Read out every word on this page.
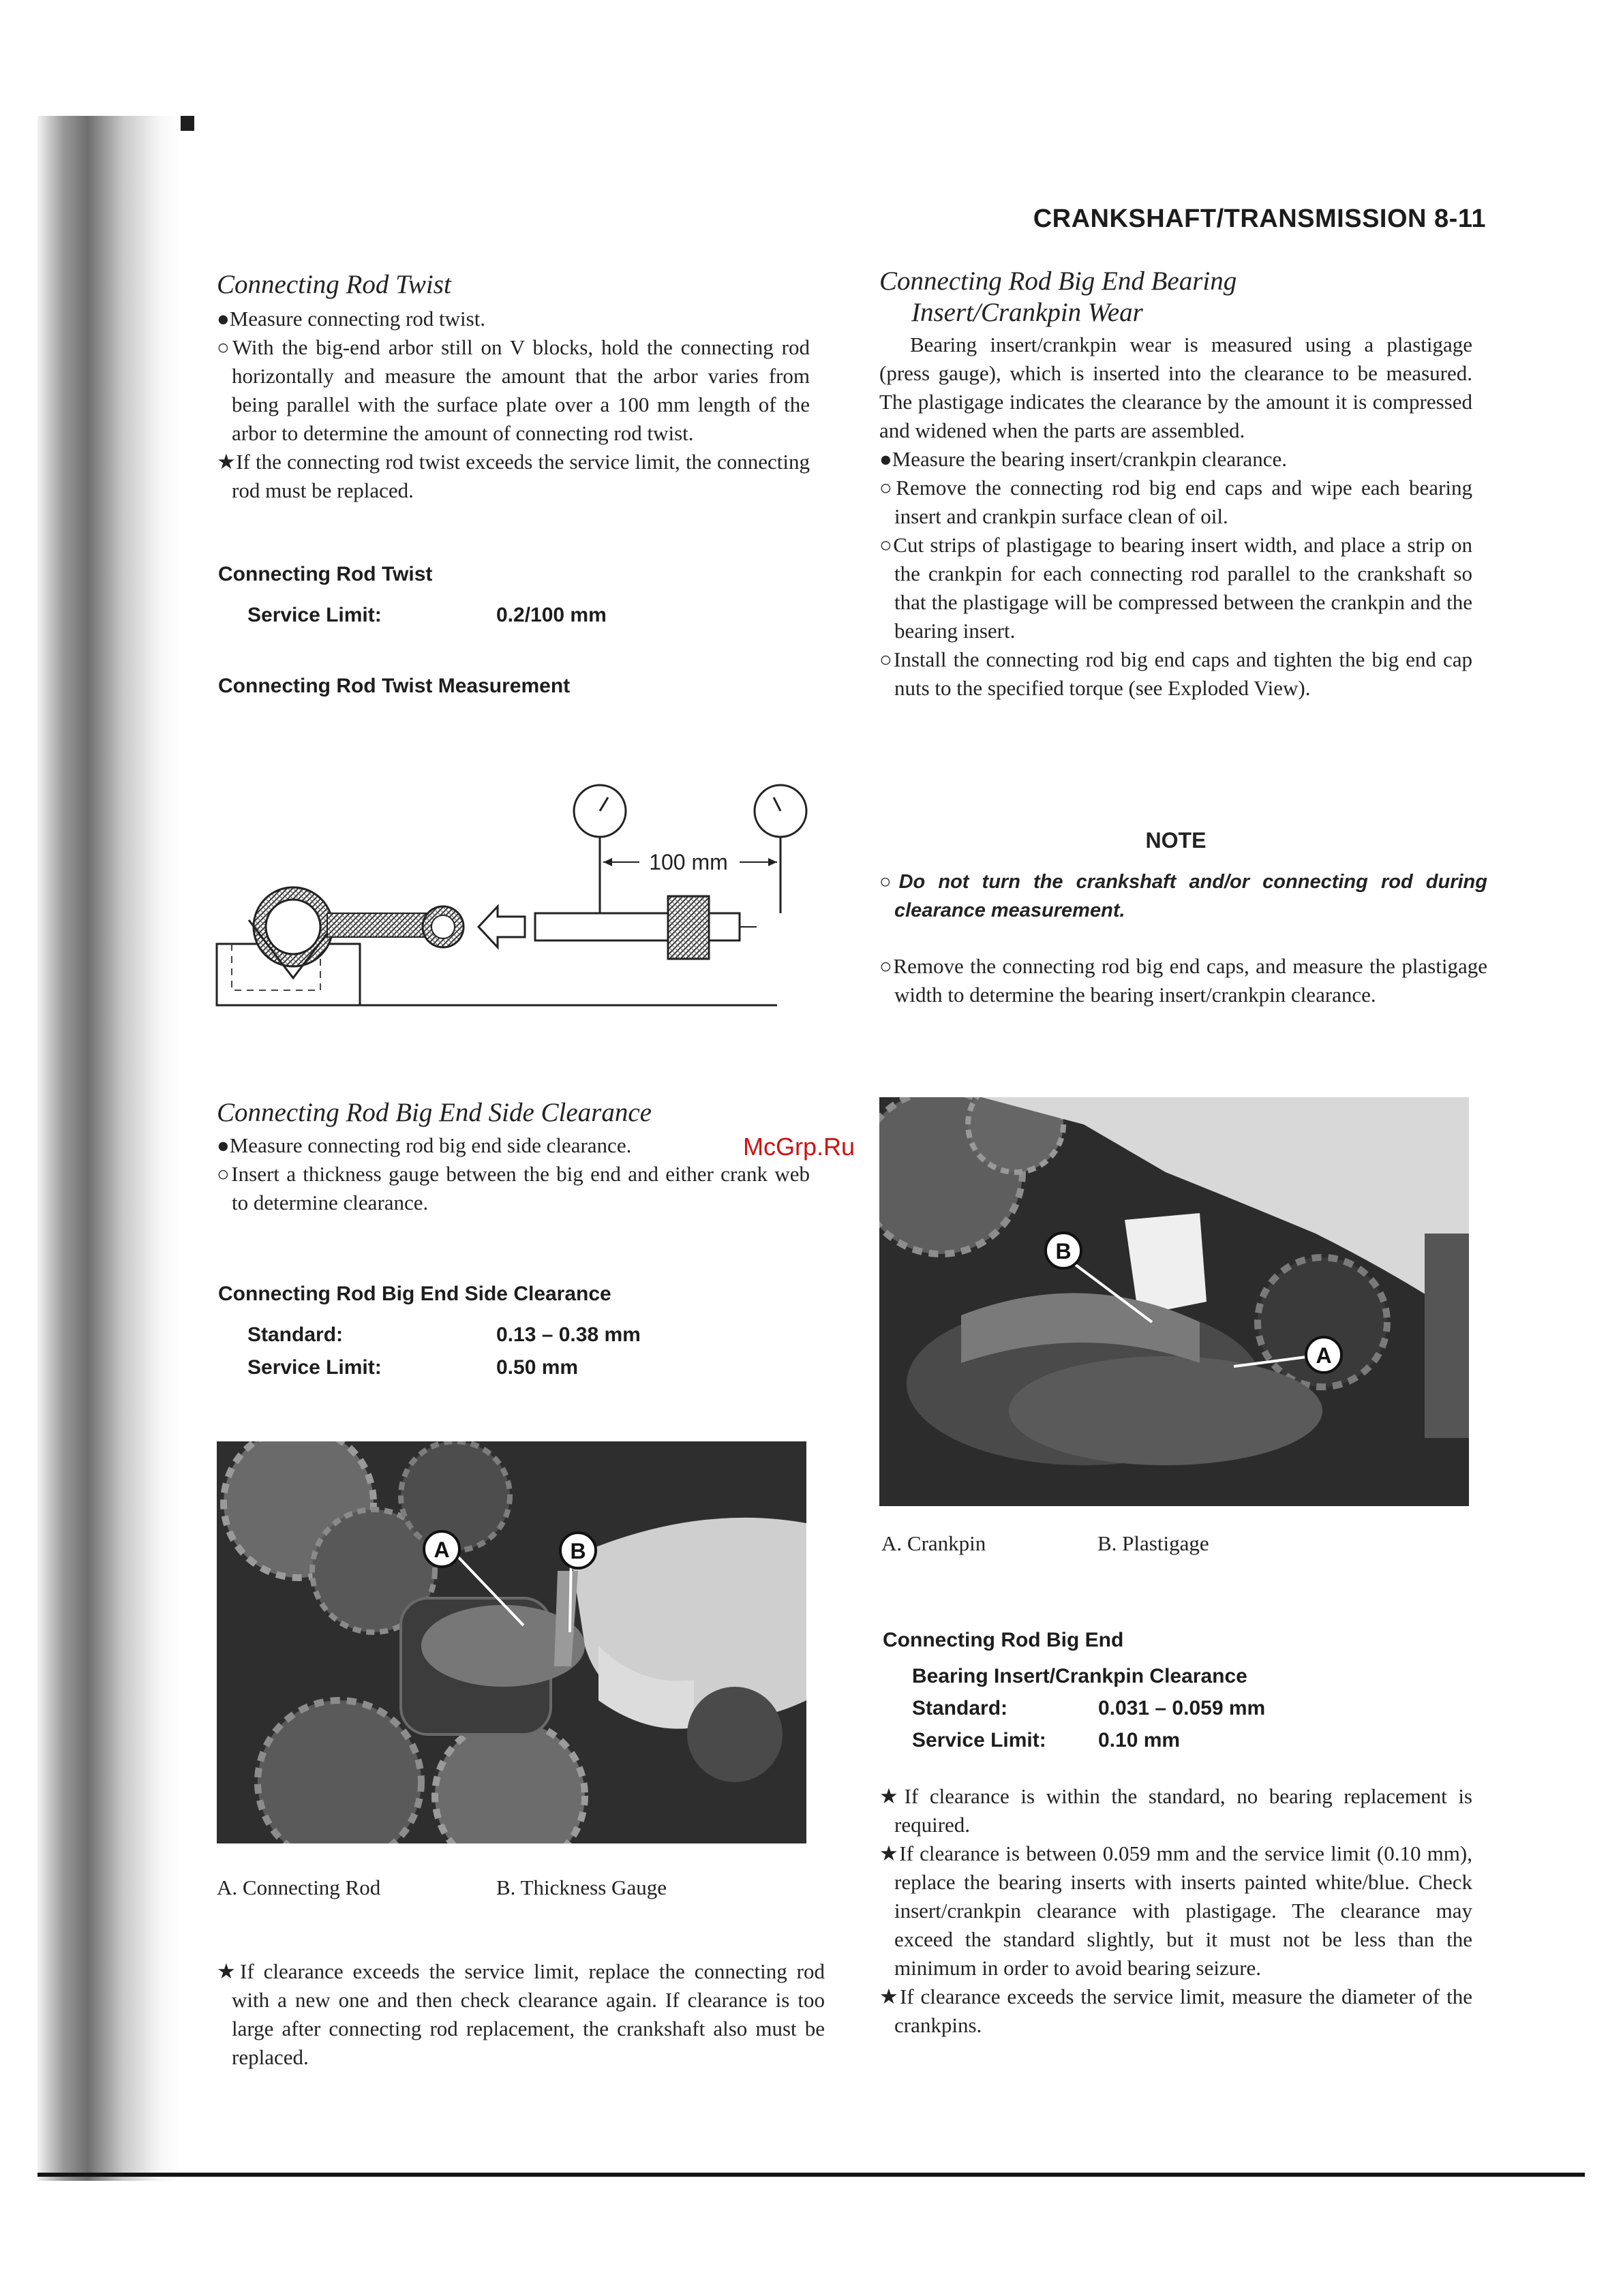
CRANKSHAFT/TRANSMISSION 8-11
Connecting Rod Twist
●Measure connecting rod twist.
○With the big-end arbor still on V blocks, hold the connecting rod horizontally and measure the amount that the arbor varies from being parallel with the surface plate over a 100 mm length of the arbor to determine the amount of connecting rod twist.
★If the connecting rod twist exceeds the service limit, the connecting rod must be replaced.
Connecting Rod Twist
Service Limit:	0.2/100 mm
Connecting Rod Twist Measurement
100 mm
Connecting Rod Big End Side Clearance
●Measure connecting rod big end side clearance.
○Insert a thickness gauge between the big end and either crank web to determine clearance.
Connecting Rod Big End Side Clearance
Standard:	0.13 – 0.38 mm
Service Limit:	0.50 mm
A	B
A. Connecting Rod	B. Thickness Gauge
★If clearance exceeds the service limit, replace the connecting rod with a new one and then check clearance again. If clearance is too large after connecting rod replacement, the crankshaft also must be replaced.
Connecting Rod Big End Bearing
Insert/Crankpin Wear
Bearing insert/crankpin wear is measured using a plastigage (press gauge), which is inserted into the clearance to be measured. The plastigage indicates the clearance by the amount it is compressed and widened when the parts are assembled.
●Measure the bearing insert/crankpin clearance.
○Remove the connecting rod big end caps and wipe each bearing insert and crankpin surface clean of oil.
○Cut strips of plastigage to bearing insert width, and place a strip on the crankpin for each connecting rod parallel to the crankshaft so that the plastigage will be compressed between the crankpin and the bearing insert.
○Install the connecting rod big end caps and tighten the big end cap nuts to the specified torque (see Exploded View).
NOTE
○Do not turn the crankshaft and/or connecting rod during clearance measurement.
○Remove the connecting rod big end caps, and measure the plastigage width to determine the bearing insert/crankpin clearance.
B
A
A. Crankpin	B. Plastigage
Connecting Rod Big End
Bearing Insert/Crankpin Clearance
Standard:	0.031 – 0.059 mm
Service Limit:	0.10 mm
★If clearance is within the standard, no bearing replacement is required.
★If clearance is between 0.059 mm and the service limit (0.10 mm), replace the bearing inserts with inserts painted white/blue. Check insert/crankpin clearance with plastigage. The clearance may exceed the standard slightly, but it must not be less than the minimum in order to avoid bearing seizure.
★If clearance exceeds the service limit, measure the diameter of the crankpins.
McGrp.Ru
